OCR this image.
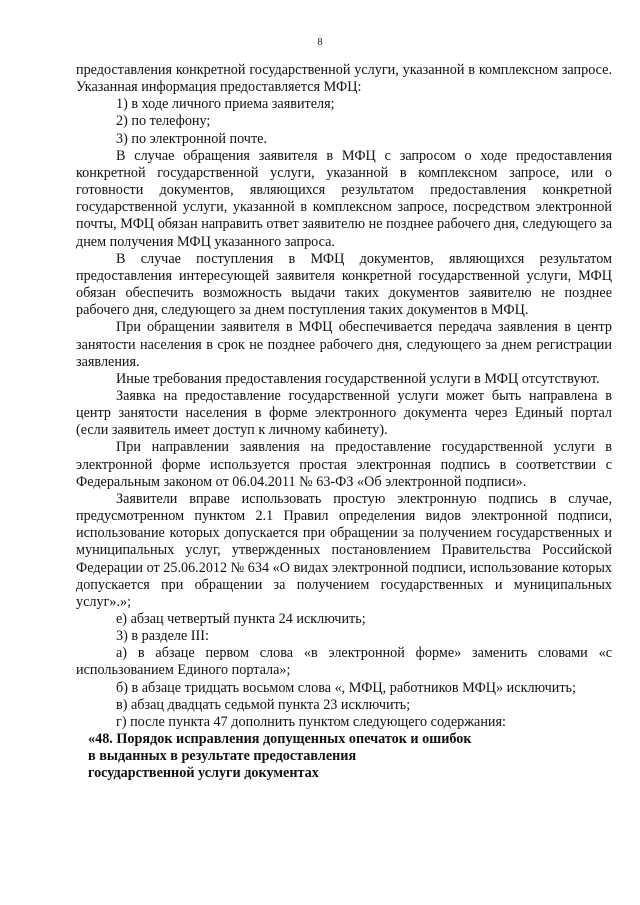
8

предоставления конкретной государственной услуги, указанной в комплексном запросе. Указанная информация предоставляется МФЦ:

1) в ходе личного приема заявителя;

2) по телефону;

3) по электронной почте.

В случае обращения заявителя в МФЦ с запросом о ходе предоставления конкретной государственной услуги, указанной в комплексном запросе, или о готовности документов, являющихся результатом предоставления конкретной государственной услуги, указанной в комплексном запросе, посредством электронной почты, МФЦ обязан направить ответ заявителю не позднее рабочего дня, следующего за днем получения МФЦ указанного запроса.

В случае поступления в МФЦ документов, являющихся результатом предоставления интересующей заявителя конкретной государственной услуги, МФЦ обязан обеспечить возможность выдачи таких документов заявителю не позднее рабочего дня, следующего за днем поступления таких документов в МФЦ.

При обращении заявителя в МФЦ обеспечивается передача заявления в центр занятости населения в срок не позднее рабочего дня, следующего за днем регистрации заявления.

Иные требования предоставления государственной услуги в МФЦ отсутствуют.

Заявка на предоставление государственной услуги может быть направлена в центр занятости населения в форме электронного документа через Единый портал (если заявитель имеет доступ к личному кабинету).

При направлении заявления на предоставление государственной услуги в электронной форме используется простая электронная подпись в соответствии с Федеральным законом от 06.04.2011 № 63-ФЗ «Об электронной подписи».

Заявители вправе использовать простую электронную подпись в случае, предусмотренном пунктом 2.1 Правил определения видов электронной подписи, использование которых допускается при обращении за получением государственных и муниципальных услуг, утвержденных постановлением Правительства Российской Федерации от 25.06.2012 № 634 «О видах электронной подписи, использование которых допускается при обращении за получением государственных и муниципальных услуг».»;

е) абзац четвертый пункта 24 исключить;

3) в разделе III:

а) в абзаце первом слова «в электронной форме» заменить словами «с использованием Единого портала»;

б) в абзаце тридцать восьмом слова «, МФЦ, работников МФЦ» исключить;

в) абзац двадцать седьмой пункта 23 исключить;

г) после пункта 47 дополнить пунктом следующего содержания:

«48. Порядок исправления допущенных опечаток и ошибок

в выданных в результате предоставления

государственной услуги документах
